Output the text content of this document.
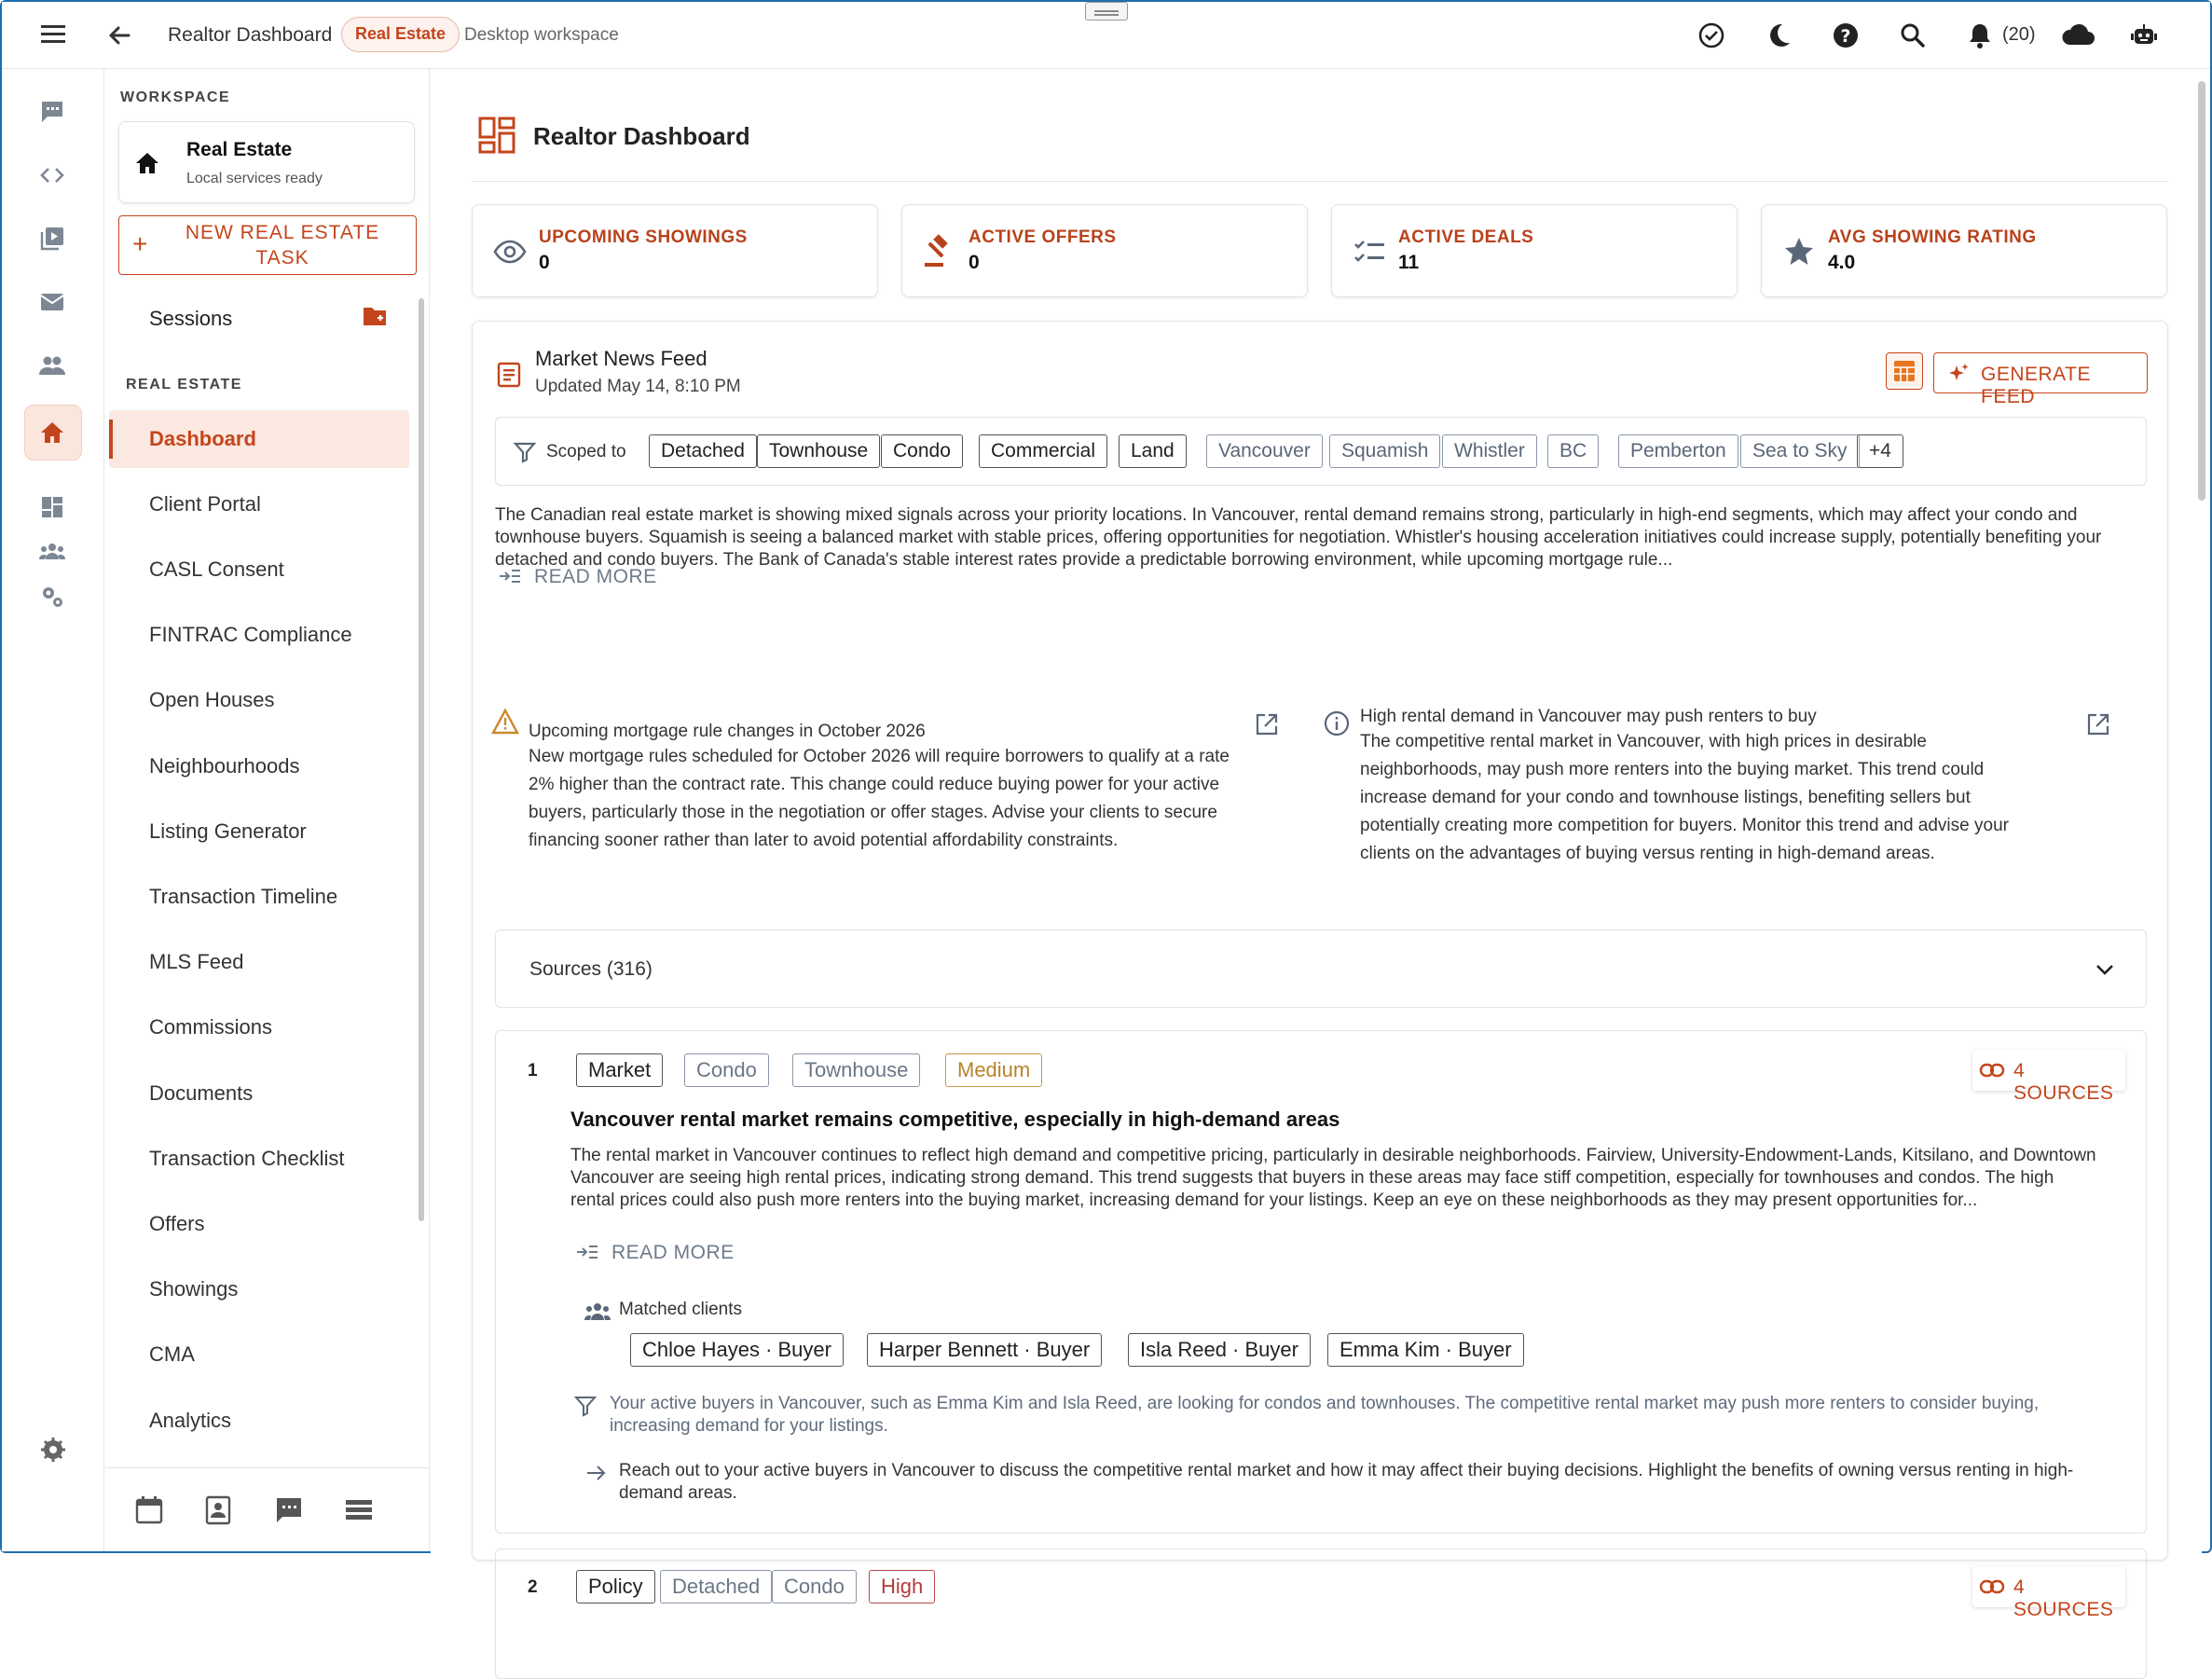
Realtor Dashboard	Real Estate	Desktop workspace	?	(20)
WORKSPACE
Real Estate
Local services ready
+	NEW REAL ESTATE TASK
Sessions
REAL ESTATE
Dashboard
Client Portal
CASL Consent
FINTRAC Compliance
Open Houses
Neighbourhoods
Listing Generator
Transaction Timeline
MLS Feed
Commissions
Documents
Transaction Checklist
Offers
Showings
CMA
Analytics
Realtor Dashboard
UPCOMING SHOWINGS
0
ACTIVE OFFERS
0
ACTIVE DEALS
11
AVG SHOWING RATING
4.0
Market News Feed
Updated May 14, 8:10 PM
GENERATE FEED
Scoped to	Detached	Townhouse	Condo	Commercial	Land	Vancouver	Squamish	Whistler	BC	Pemberton	Sea to Sky	+4
The Canadian real estate market is showing mixed signals across your priority locations. In Vancouver, rental demand remains strong, particularly in high-end segments, which may affect your condo and townhouse buyers. Squamish is seeing a balanced market with stable prices, offering opportunities for negotiation. Whistler's housing acceleration initiatives could increase supply, potentially benefiting your detached and condo buyers. The Bank of Canada's stable interest rates provide a predictable borrowing environment, while upcoming mortgage rule...
READ MORE
Upcoming mortgage rule changes in October 2026
New mortgage rules scheduled for October 2026 will require borrowers to qualify at a rate 2% higher than the contract rate. This change could reduce buying power for your active buyers, particularly those in the negotiation or offer stages. Advise your clients to secure financing sooner rather than later to avoid potential affordability constraints.
High rental demand in Vancouver may push renters to buy
The competitive rental market in Vancouver, with high prices in desirable neighborhoods, may push more renters into the buying market. This trend could increase demand for your condo and townhouse listings, benefiting sellers but potentially creating more competition for buyers. Monitor this trend and advise your clients on the advantages of buying versus renting in high-demand areas.
Sources (316)
1	Market	Condo	Townhouse	Medium	4 SOURCES
Vancouver rental market remains competitive, especially in high-demand areas
The rental market in Vancouver continues to reflect high demand and competitive pricing, particularly in desirable neighborhoods. Fairview, University-Endowment-Lands, Kitsilano, and Downtown Vancouver are seeing high rental prices, indicating strong demand. This trend suggests that buyers in these areas may face stiff competition, especially for townhouses and condos. The high rental prices could also push more renters into the buying market, increasing demand for your listings. Keep an eye on these neighborhoods as they may present opportunities for...
READ MORE
Matched clients
Chloe Hayes · Buyer	Harper Bennett · Buyer	Isla Reed · Buyer	Emma Kim · Buyer
Your active buyers in Vancouver, such as Emma Kim and Isla Reed, are looking for condos and townhouses. The competitive rental market may push more renters to consider buying, increasing demand for your listings.
Reach out to your active buyers in Vancouver to discuss the competitive rental market and how it may affect their buying decisions. Highlight the benefits of owning versus renting in high-demand areas.
2	Policy	Detached	Condo	High	4 SOURCES
